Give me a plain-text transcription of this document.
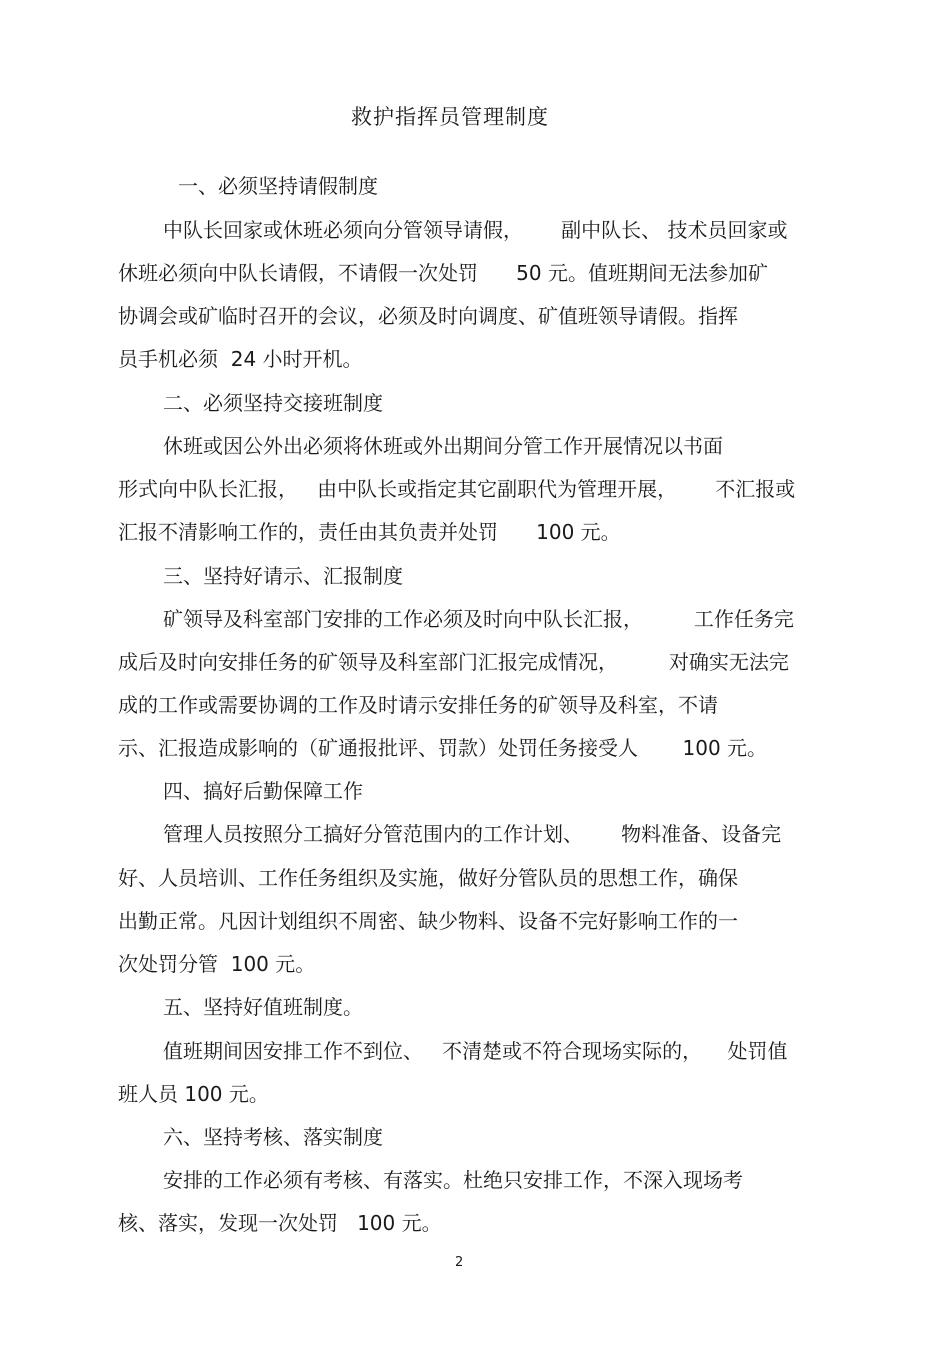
救护指挥员管理制度
一、必须坚持请假制度
中队长回家或休班必须向分管领导请假，      副中队长、 技术员回家或
休班必须向中队长请假，不请假一次处罚      50 元。值班期间无法参加矿
协调会或矿临时召开的会议，必须及时向调度、矿值班领导请假。指挥
员手机必须  24 小时开机。
二、必须坚持交接班制度
休班或因公外出必须将休班或外出期间分管工作开展情况以书面
形式向中队长汇报，   由中队长或指定其它副职代为管理开展，      不汇报或
汇报不清影响工作的，责任由其负责并处罚      100 元。
三、坚持好请示、汇报制度
矿领导及科室部门安排的工作必须及时向中队长汇报，        工作任务完
成后及时向安排任务的矿领导及科室部门汇报完成情况，        对确实无法完
成的工作或需要协调的工作及时请示安排任务的矿领导及科室，不请
示、汇报造成影响的（矿通报批评、罚款）处罚任务接受人       100 元。
四、搞好后勤保障工作
管理人员按照分工搞好分管范围内的工作计划、      物料准备、设备完
好、人员培训、工作任务组织及实施，做好分管队员的思想工作，确保
出勤正常。凡因计划组织不周密、缺少物料、设备不完好影响工作的一
次处罚分管  100 元。
五、坚持好值班制度。
值班期间因安排工作不到位、   不清楚或不符合现场实际的，    处罚值
班人员 100 元。
六、坚持考核、落实制度
安排的工作必须有考核、有落实。杜绝只安排工作，不深入现场考
核、落实，发现一次处罚   100 元。
2
